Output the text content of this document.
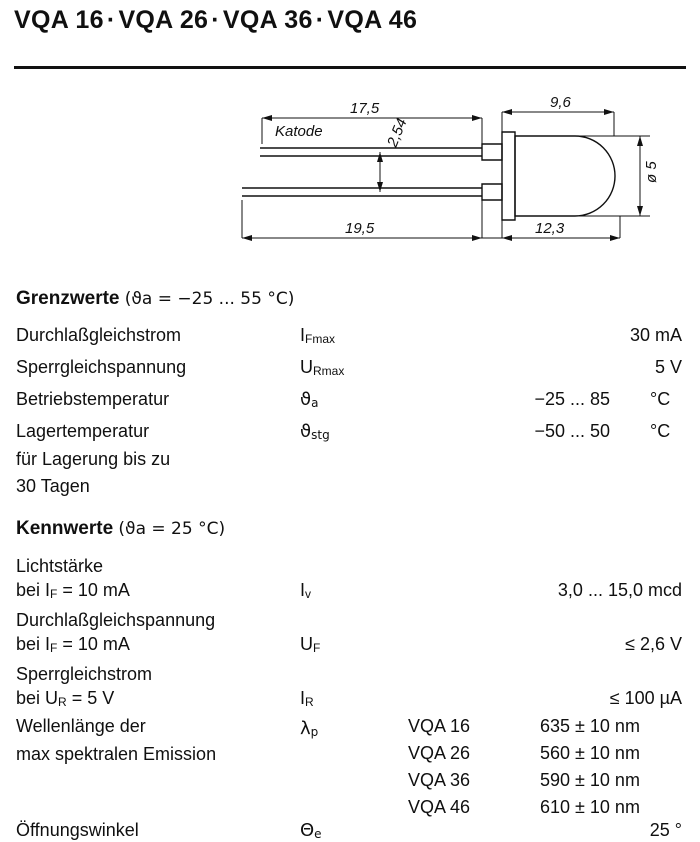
VQA 16 · VQA 26 · VQA 36 · VQA 46
17,5	9,6
19,5	12,3
ø 5
2,54
Katode
Grenzwerte (ϑa = −25 ... 55 °C)
Durchlaßgleichstrom	IFmax	30 mA
Sperrgleichspannung	URmax	5 V
Betriebstemperatur	ϑa	−25 ... 85 °C
Lagertemperatur	ϑstg	−50 ... 50 °C
für Lagerung bis zu
30 Tagen
Kennwerte (ϑa = 25 °C)
Lichtstärke
bei IF = 10 mA	Iv	3,0 ... 15,0 mcd
Durchlaßgleichspannung
bei IF = 10 mA	UF	≤ 2,6 V
Sperrgleichstrom
bei UR = 5 V	IR	≤ 100 µA
Wellenlänge der
max spektralen Emission
λp	VQA 16	635 ± 10 nm
VQA 26	560 ± 10 nm
VQA 36	590 ± 10 nm
VQA 46	610 ± 10 nm
Öffnungswinkel	Θe	25 °
